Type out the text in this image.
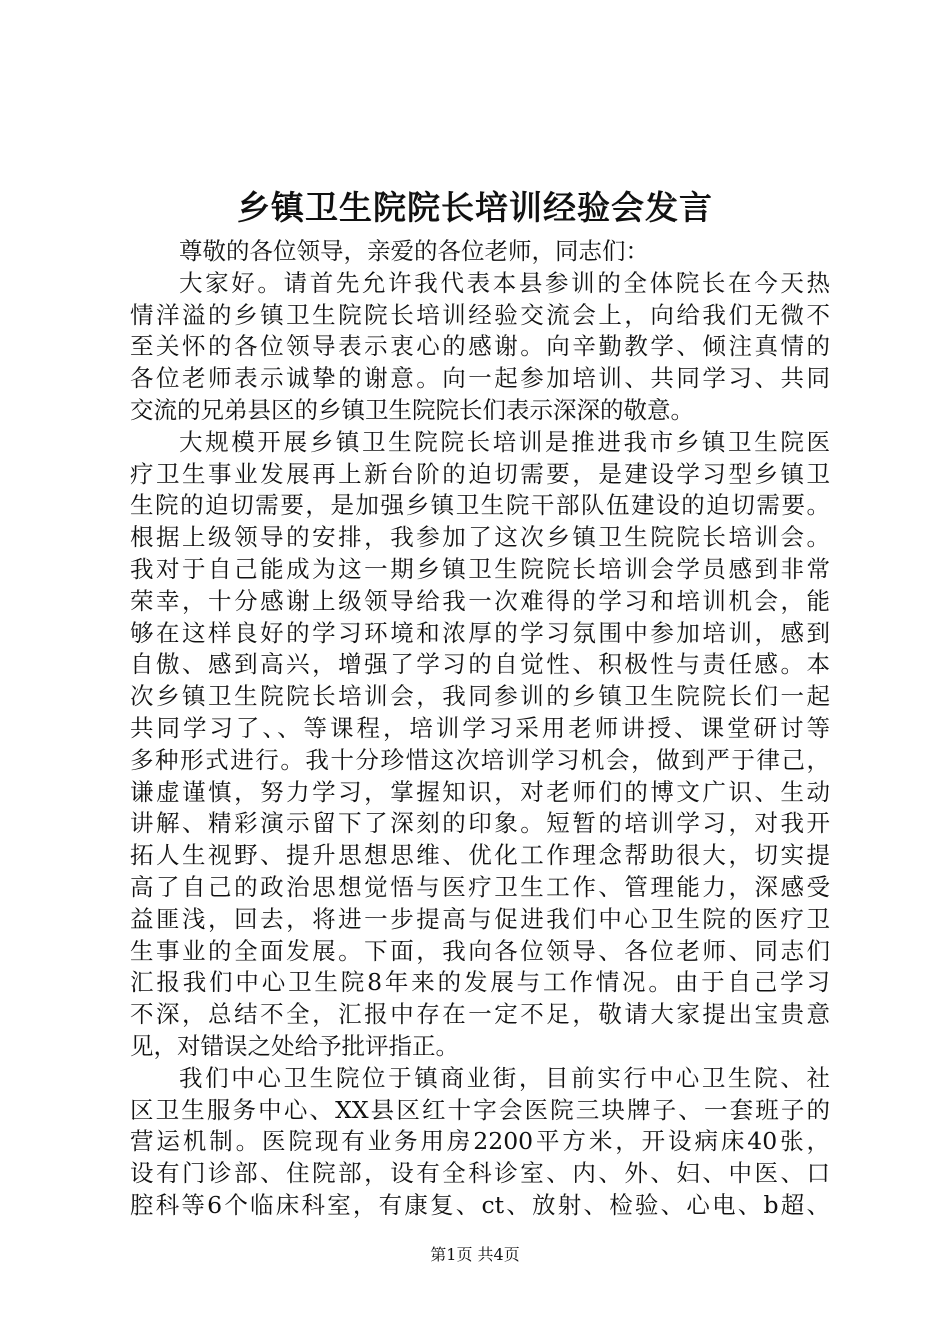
乡镇卫生院院长培训经验会发言
尊敬的各位领导，亲爱的各位老师，同志们：
大家好。请首先允许我代表本县参训的全体院长在今天热
情洋溢的乡镇卫生院院长培训经验交流会上，向给我们无微不
至关怀的各位领导表示衷心的感谢。向辛勤教学、倾注真情的
各位老师表示诚挚的谢意。向一起参加培训、共同学习、共同
交流的兄弟县区的乡镇卫生院院长们表示深深的敬意。
大规模开展乡镇卫生院院长培训是推进我市乡镇卫生院医
疗卫生事业发展再上新台阶的迫切需要，是建设学习型乡镇卫
生院的迫切需要，是加强乡镇卫生院干部队伍建设的迫切需要。
根据上级领导的安排，我参加了这次乡镇卫生院院长培训会。
我对于自己能成为这一期乡镇卫生院院长培训会学员感到非常
荣幸，十分感谢上级领导给我一次难得的学习和培训机会，能
够在这样良好的学习环境和浓厚的学习氛围中参加培训，感到
自傲、感到高兴，增强了学习的自觉性、积极性与责任感。本
次乡镇卫生院院长培训会，我同参训的乡镇卫生院院长们一起
共同学习了、、等课程，培训学习采用老师讲授、课堂研讨等
多种形式进行。我十分珍惜这次培训学习机会，做到严于律己，
谦虚谨慎，努力学习，掌握知识，对老师们的博文广识、生动
讲解、精彩演示留下了深刻的印象。短暂的培训学习，对我开
拓人生视野、提升思想思维、优化工作理念帮助很大，切实提
高了自己的政治思想觉悟与医疗卫生工作、管理能力，深感受
益匪浅，回去，将进一步提高与促进我们中心卫生院的医疗卫
生事业的全面发展。下面，我向各位领导、各位老师、同志们
汇报我们中心卫生院8年来的发展与工作情况。由于自己学习
不深，总结不全，汇报中存在一定不足，敬请大家提出宝贵意
见，对错误之处给予批评指正。
我们中心卫生院位于镇商业街，目前实行中心卫生院、社
区卫生服务中心、XX县区红十字会医院三块牌子、一套班子的
营运机制。医院现有业务用房2200平方米，开设病床40张，
设有门诊部、住院部，设有全科诊室、内、外、妇、中医、口
腔科等6个临床科室，有康复、ct、放射、检验、心电、b超、
第1页 共4页
